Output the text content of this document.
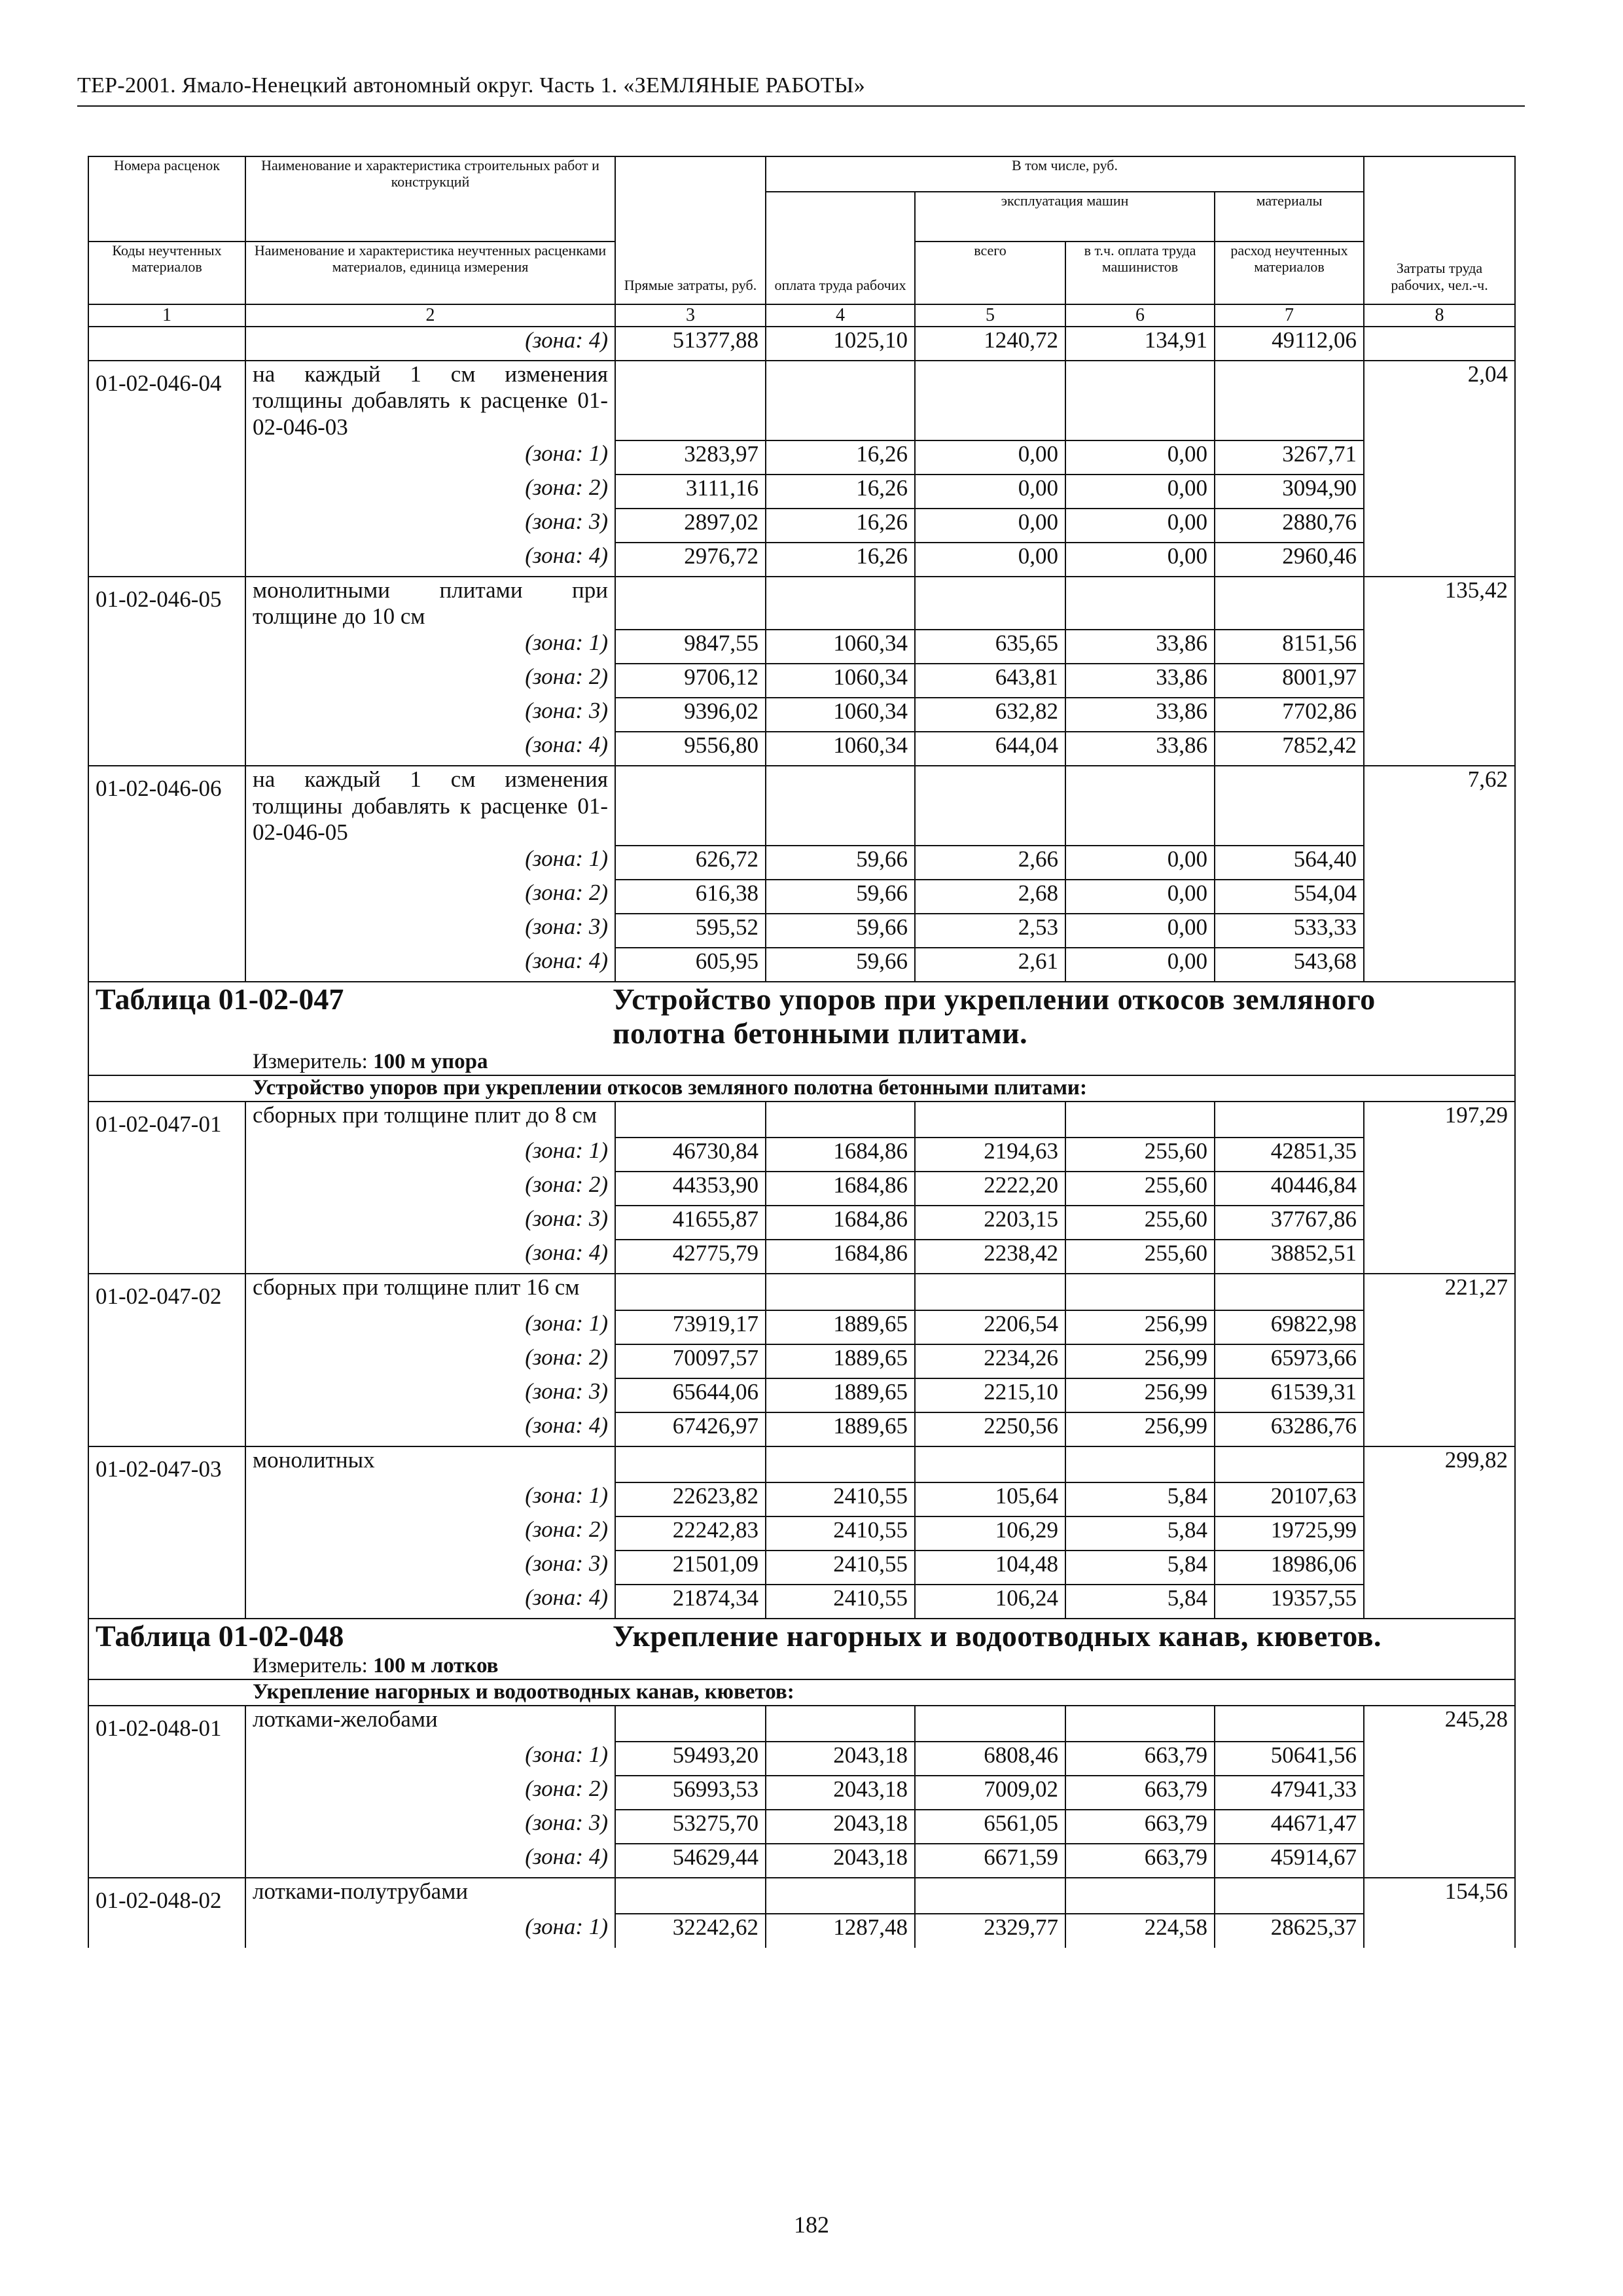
ТЕР-2001. Ямало-Ненецкий автономный округ. Часть 1. «ЗЕМЛЯНЫЕ РАБОТЫ»
Номера расценок	Наименование и характеристика строительных работ и конструкций	Прямые затраты, руб.	В том числе, руб.				Затраты труда рабочих, чел.-ч.
			оплата труда рабочих	эксплуатация машин		материалы	
Коды неучтенных материалов	Наименование и характеристика неучтенных расценками материалов, единица измерения			всего	в т.ч. оплата труда машинистов	расход неучтенных материалов	
1	2	3	4	5	6	7	8
	(зона: 4)	51377,88	1025,10	1240,72	134,91	49112,06	
01-02-046-04	на каждый 1 см изменения толщины добавлять к расценке 01-02-046-03						2,04
	(зона: 1)	3283,97	16,26	0,00	0,00	3267,71	
	(зона: 2)	3111,16	16,26	0,00	0,00	3094,90	
	(зона: 3)	2897,02	16,26	0,00	0,00	2880,76	
	(зона: 4)	2976,72	16,26	0,00	0,00	2960,46	
01-02-046-05	монолитными плитами при толщине до 10 см						135,42
	(зона: 1)	9847,55	1060,34	635,65	33,86	8151,56	
	(зона: 2)	9706,12	1060,34	643,81	33,86	8001,97	
	(зона: 3)	9396,02	1060,34	632,82	33,86	7702,86	
	(зона: 4)	9556,80	1060,34	644,04	33,86	7852,42	
01-02-046-06	на каждый 1 см изменения толщины добавлять к расценке 01-02-046-05						7,62
	(зона: 1)	626,72	59,66	2,66	0,00	564,40	
	(зона: 2)	616,38	59,66	2,68	0,00	554,04	
	(зона: 3)	595,52	59,66	2,53	0,00	533,33	
	(зона: 4)	605,95	59,66	2,61	0,00	543,68	

Таблица 01-02-047 Устройство упоров при укреплении откосов земляного полотна бетонными плитами.							

Измеритель: 100 м упора							
Устройство упоров при укреплении откосов земляного полотна бетонными плитами:							
01-02-047-01	сборных при толщине плит до 8 см						197,29
	(зона: 1)	46730,84	1684,86	2194,63	255,60	42851,35	
	(зона: 2)	44353,90	1684,86	2222,20	255,60	40446,84	
	(зона: 3)	41655,87	1684,86	2203,15	255,60	37767,86	
	(зона: 4)	42775,79	1684,86	2238,42	255,60	38852,51	
01-02-047-02	сборных при толщине плит 16 см						221,27
	(зона: 1)	73919,17	1889,65	2206,54	256,99	69822,98	
	(зона: 2)	70097,57	1889,65	2234,26	256,99	65973,66	
	(зона: 3)	65644,06	1889,65	2215,10	256,99	61539,31	
	(зона: 4)	67426,97	1889,65	2250,56	256,99	63286,76	
01-02-047-03	монолитных						299,82
	(зона: 1)	22623,82	2410,55	105,64	5,84	20107,63	
	(зона: 2)	22242,83	2410,55	106,29	5,84	19725,99	
	(зона: 3)	21501,09	2410,55	104,48	5,84	18986,06	
	(зона: 4)	21874,34	2410,55	106,24	5,84	19357,55	

Таблица 01-02-048 Укрепление нагорных и водоотводных канав, кюветов.							

Измеритель: 100 м лотков							
Укрепление нагорных и водоотводных канав, кюветов:							
01-02-048-01	лотками-желобами						245,28
	(зона: 1)	59493,20	2043,18	6808,46	663,79	50641,56	
	(зона: 2)	56993,53	2043,18	7009,02	663,79	47941,33	
	(зона: 3)	53275,70	2043,18	6561,05	663,79	44671,47	
	(зона: 4)	54629,44	2043,18	6671,59	663,79	45914,67	
01-02-048-02	лотками-полутрубами						154,56
	(зона: 1)	32242,62	1287,48	2329,77	224,58	28625,37	
182
